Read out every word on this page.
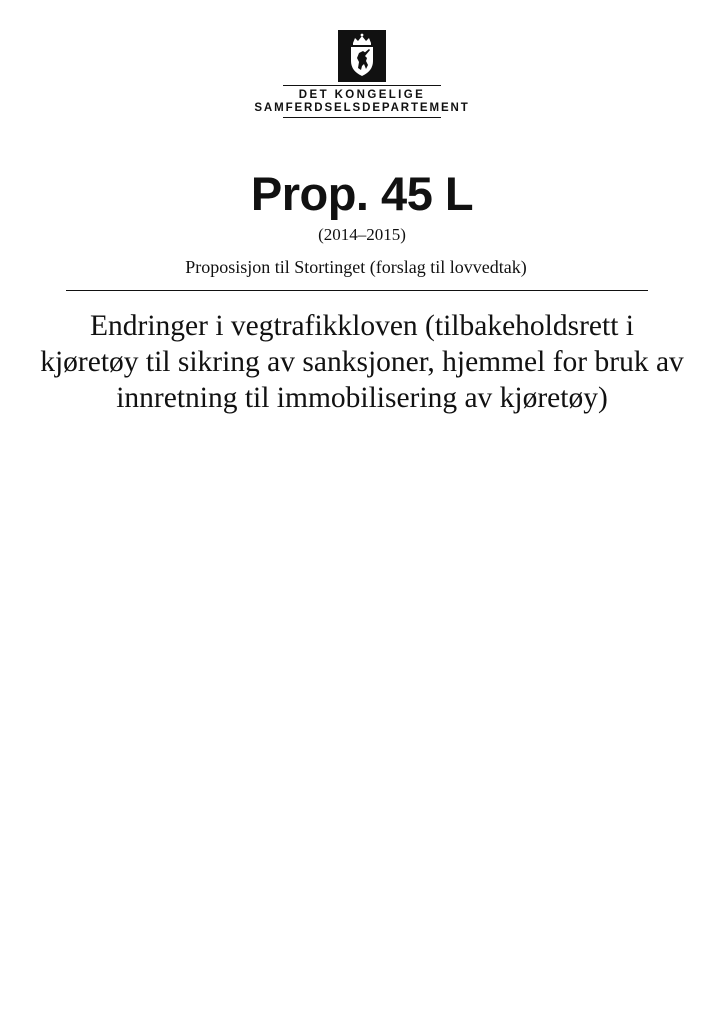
DET KONGELIGE
SAMFERDSELSDEPARTEMENT
Prop. 45 L
(2014–2015)
Proposisjon til Stortinget (forslag til lovvedtak)
Endringer i vegtrafikkloven (tilbakeholdsrett i kjøretøy til sikring av sanksjoner, hjemmel for bruk av innretning til immobilisering av kjøretøy)
